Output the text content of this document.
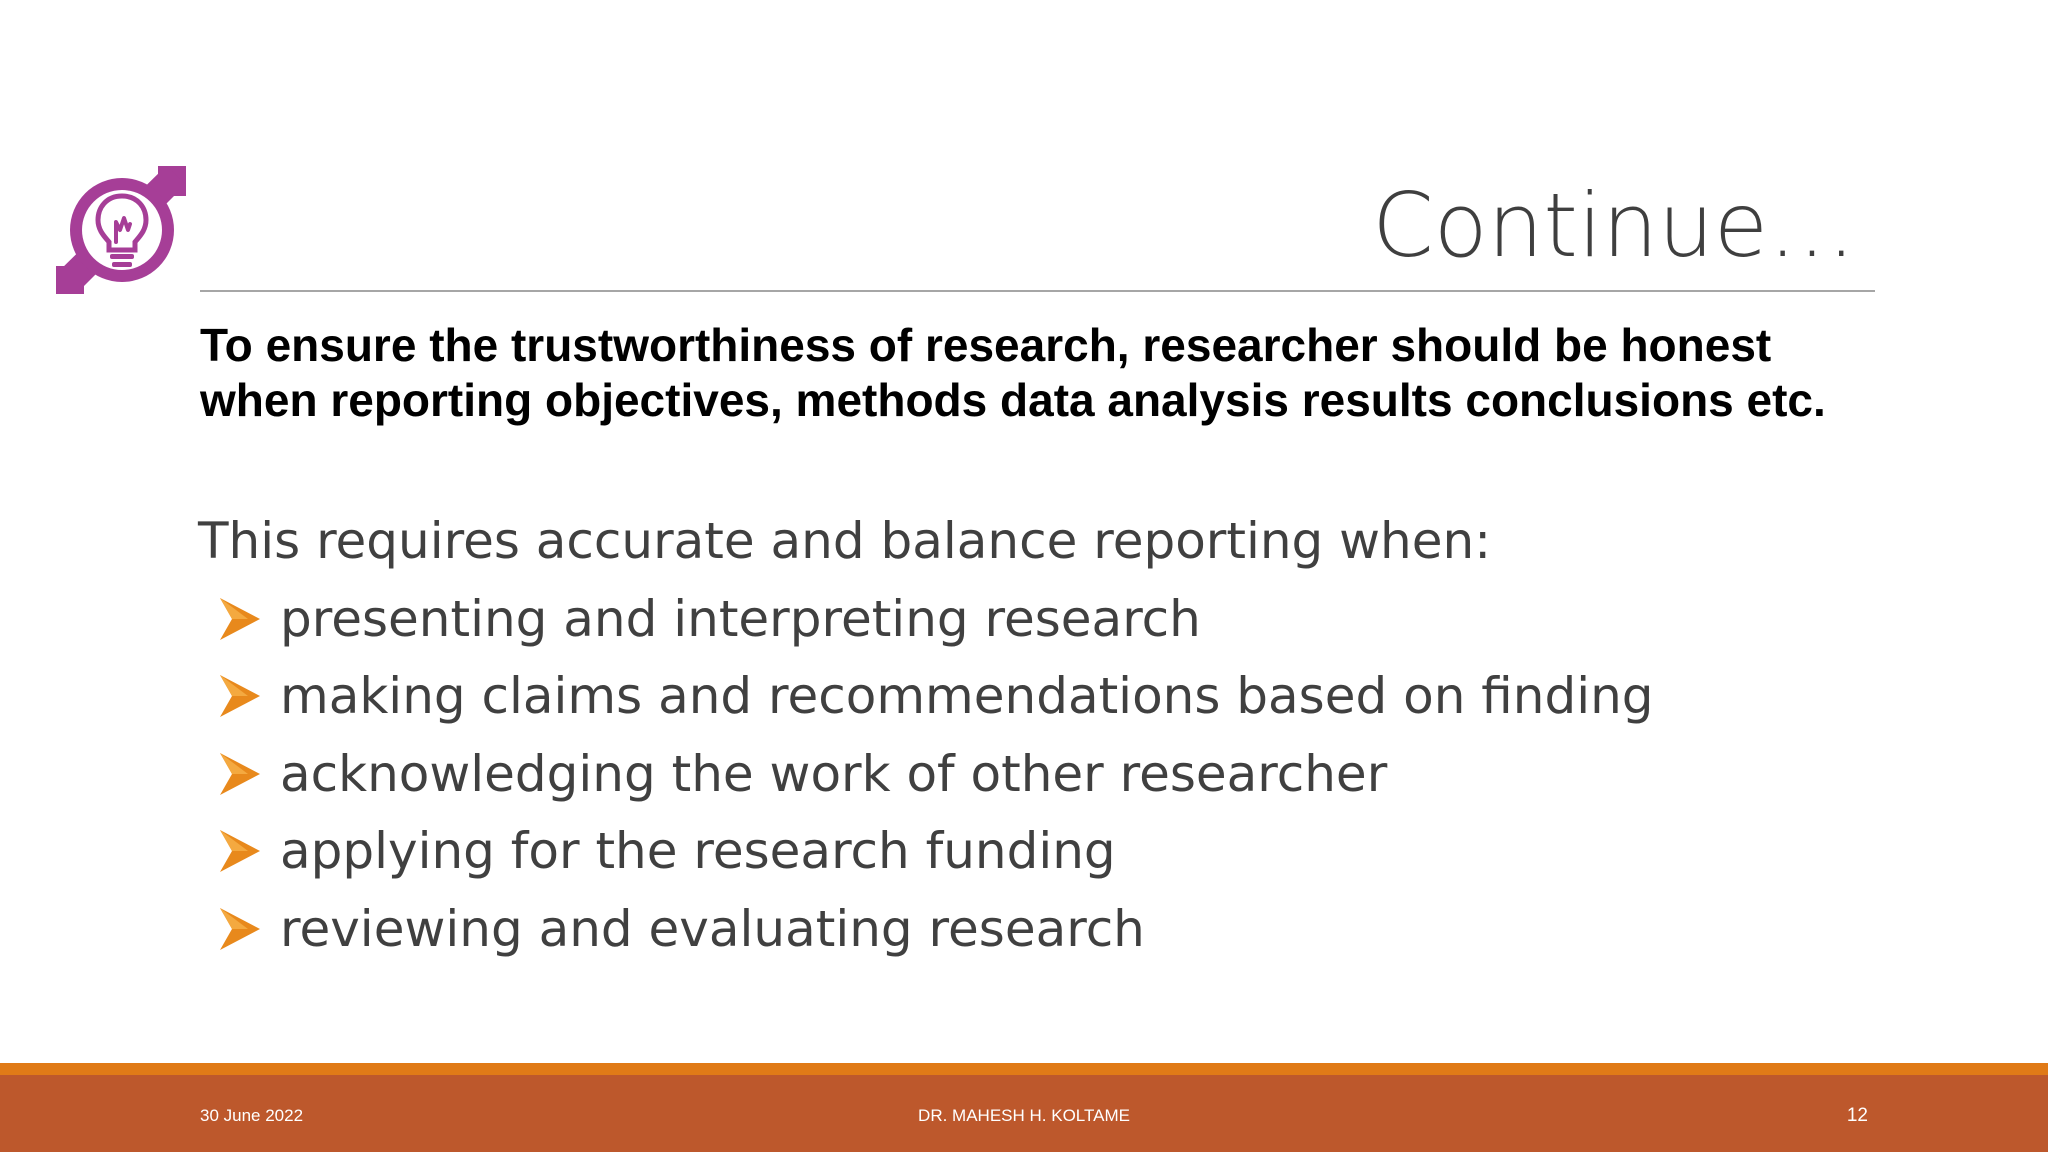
Continue…
To ensure the trustworthiness of research, researcher should be honest when reporting objectives, methods data analysis results conclusions etc.
This requires accurate and balance reporting when:
presenting and interpreting research
making claims and recommendations based on finding
acknowledging the work of other researcher
applying for the research funding
reviewing and evaluating research
30 June 2022	DR. MAHESH H. KOLTAME	12
